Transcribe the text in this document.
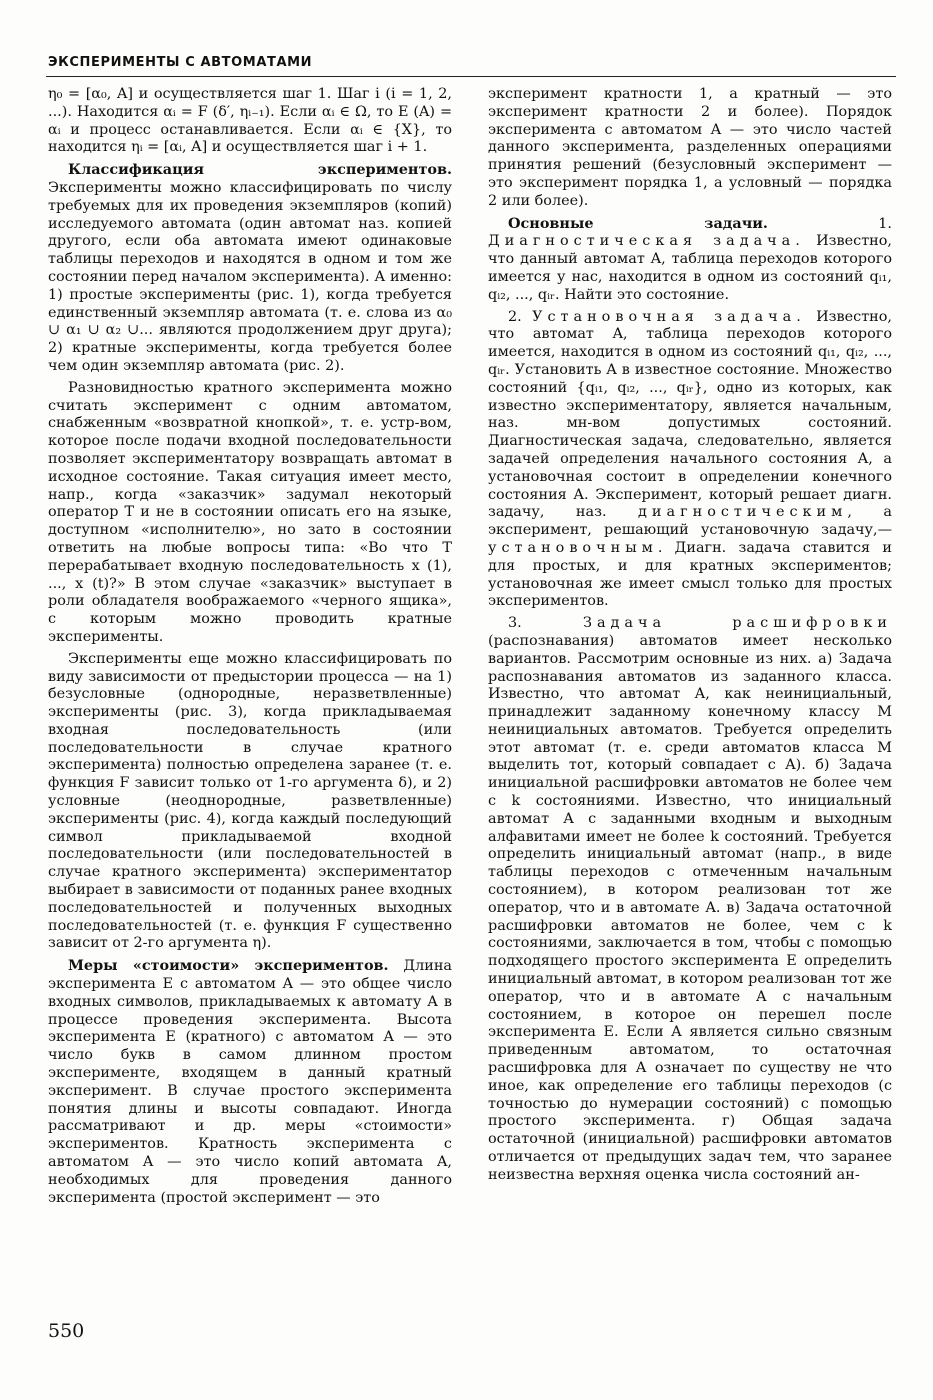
ЭКСПЕРИМЕНТЫ С АВТОМАТАМИ

η₀ = [α₀, A] и осуществляется шаг 1. Шаг i (i = 1, 2, ...). Находится αᵢ = F (δ′, ηᵢ₋₁). Если αᵢ ∈ Ω, то E (A) = αᵢ и процесс останавливается. Если αᵢ ∈ {X}, то находится ηᵢ = [αᵢ, A] и осуществляется шаг i + 1.

Классификация экспериментов. Эксперименты можно классифицировать по числу требуемых для их проведения экземпляров (копий) исследуемого автомата (один автомат наз. копией другого, если оба автомата имеют одинаковые таблицы переходов и находятся в одном и том же состоянии перед началом эксперимента). А именно: 1) простые эксперименты (рис. 1), когда требуется единственный экземпляр автомата (т. е. слова из α₀ ∪ α₁ ∪ α₂ ∪... являются продолжением друг друга); 2) кратные эксперименты, когда требуется более чем один экземпляр автомата (рис. 2).

Разновидностью кратного эксперимента можно считать эксперимент с одним автоматом, снабженным «возвратной кнопкой», т. е. устр-вом, которое после подачи входной последовательности позволяет экспериментатору возвращать автомат в исходное состояние. Такая ситуация имеет место, напр., когда «заказчик» задумал некоторый оператор T и не в состоянии описать его на языке, доступном «исполнителю», но зато в состоянии ответить на любые вопросы типа: «Во что T перерабатывает входную последовательность x (1), ..., x (t)?» В этом случае «заказчик» выступает в роли обладателя воображаемого «черного ящика», с которым можно проводить кратные эксперименты.

Эксперименты еще можно классифицировать по виду зависимости от предыстории процесса — на 1) безусловные (однородные, неразветвленные) эксперименты (рис. 3), когда прикладываемая входная последовательность (или последовательности в случае кратного эксперимента) полностью определена заранее (т. е. функция F зависит только от 1-го аргумента δ), и 2) условные (неоднородные, разветвленные) эксперименты (рис. 4), когда каждый последующий символ прикладываемой входной последовательности (или последовательностей в случае кратного эксперимента) экспериментатор выбирает в зависимости от поданных ранее входных последовательностей и полученных выходных последовательностей (т. е. функция F существенно зависит от 2-го аргумента η).

Меры «стоимости» экспериментов. Длина эксперимента E с автоматом A — это общее число входных символов, прикладываемых к автомату A в процессе проведения эксперимента. Высота эксперимента E (кратного) с автоматом A — это число букв в самом длинном простом эксперименте, входящем в данный кратный эксперимент. В случае простого эксперимента понятия длины и высоты совпадают. Иногда рассматривают и др. меры «стоимости» экспериментов. Кратность эксперимента с автоматом A — это число копий автомата A, необходимых для проведения данного эксперимента (простой эксперимент — это

эксперимент кратности 1, а кратный — это эксперимент кратности 2 и более). Порядок эксперимента с автоматом A — это число частей данного эксперимента, разделенных операциями принятия решений (безусловный эксперимент — это эксперимент порядка 1, а условный — порядка 2 или более).

Основные задачи. 1. Диагностическая задача. Известно, что данный автомат A, таблица переходов которого имеется у нас, находится в одном из состояний qᵢ₁, qᵢ₂, ..., qᵢᵣ. Найти это состояние.

2. Установочная задача. Известно, что автомат A, таблица переходов которого имеется, находится в одном из состояний qᵢ₁, qᵢ₂, ..., qᵢᵣ. Установить A в известное состояние. Множество состояний {qᵢ₁, qᵢ₂, ..., qᵢᵣ}, одно из которых, как известно экспериментатору, является начальным, наз. мн-вом допустимых состояний. Диагностическая задача, следовательно, является задачей определения начального состояния A, а установочная состоит в определении конечного состояния A. Эксперимент, который решает диагн. задачу, наз. диагностическим, а эксперимент, решающий установочную задачу,— установочным. Диагн. задача ставится и для простых, и для кратных экспериментов; установочная же имеет смысл только для простых экспериментов.

3. Задача расшифровки (распознавания) автоматов имеет несколько вариантов. Рассмотрим основные из них. а) Задача распознавания автоматов из заданного класса. Известно, что автомат A, как неинициальный, принадлежит заданному конечному классу M неинициальных автоматов. Требуется определить этот автомат (т. е. среди автоматов класса M выделить тот, который совпадает с A). б) Задача инициальной расшифровки автоматов не более чем с k состояниями. Известно, что инициальный автомат A с заданными входным и выходным алфавитами имеет не более k состояний. Требуется определить инициальный автомат (напр., в виде таблицы переходов с отмеченным начальным состоянием), в котором реализован тот же оператор, что и в автомате A. в) Задача остаточной расшифровки автоматов не более, чем с k состояниями, заключается в том, чтобы с помощью подходящего простого эксперимента E определить инициальный автомат, в котором реализован тот же оператор, что и в автомате A с начальным состоянием, в которое он перешел после эксперимента E. Если A является сильно связным приведенным автоматом, то остаточная расшифровка для A означает по существу не что иное, как определение его таблицы переходов (с точностью до нумерации состояний) с помощью простого эксперимента. г) Общая задача остаточной (инициальной) расшифровки автоматов отличается от предыдущих задач тем, что заранее неизвестна верхняя оценка числа состояний ан-

550
